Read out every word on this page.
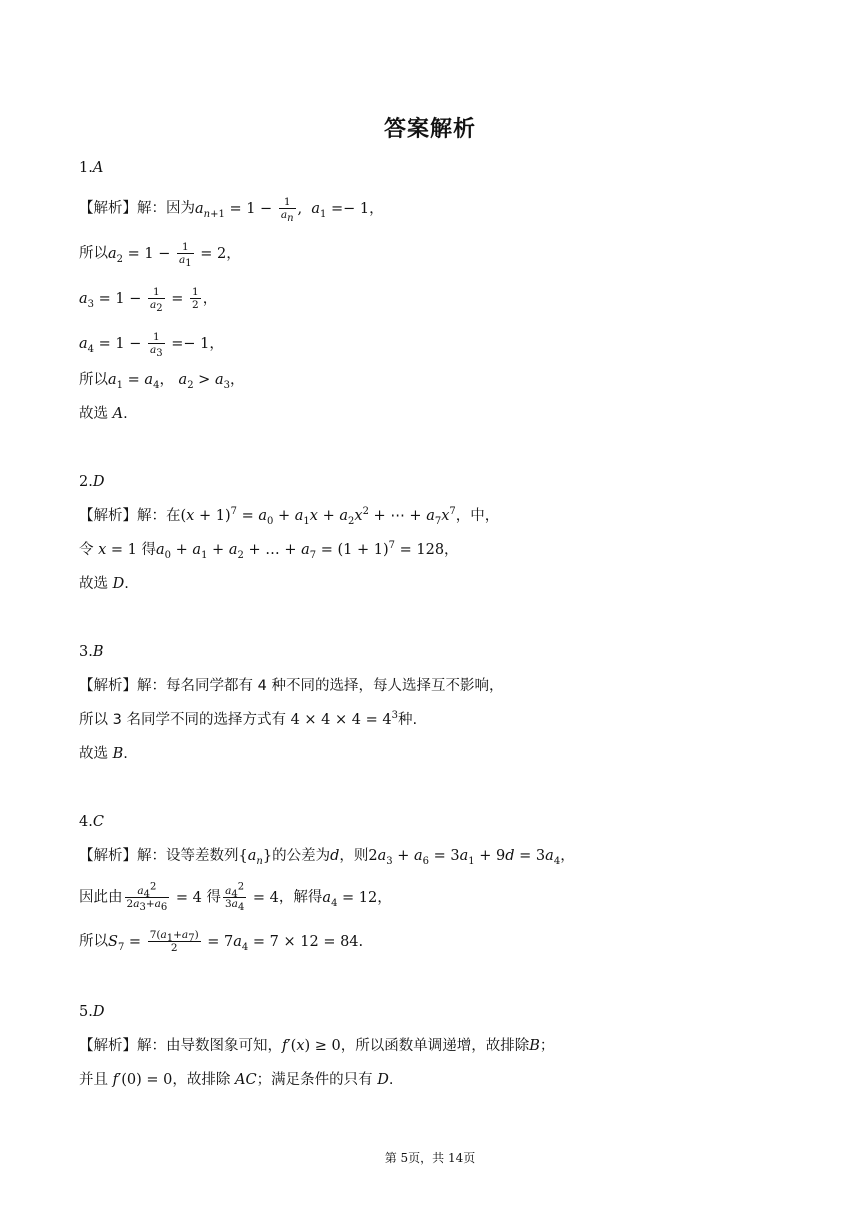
答案解析
1.A
【解析】解：因为$a_{n+1} = 1 - \frac{1}{a_n}$ ,  $a_1 =- 1$，
所以$a_2 = 1 - \frac{1}{a_1} = 2$，
$a_3 = 1 - \frac{1}{a_2} = \frac{1}{2}$ ，
$a_4 = 1 - \frac{1}{a_3} =- 1$，
所以$a_1 = a_4$， $a_2 > a_3$，
故选 A.
2.D
【解析】解：在$(x + 1)^7 = a_0 + a_1x + a_2x^2$ + ⋯ + $a_7x^7$，中，
令 x = 1 得$a_0 + a_1 + a_2$ + … + $a_7 = (1 + 1)^7 = 128$，
故选 D.
3.B
【解析】解：每名同学都有 4 种不同的选择，每人选择互不影响，
所以 3 名同学不同的选择方式有 $4 \times 4 \times 4 = 4^3$种.
故选 B.
4.C
【解析】解：设等差数列$\{a_n\}$的公差为d，则$2a_3 + a_6 = 3a_1 + 9d = 3a_4$，
因此由 $\frac{a_4^2}{2a_3+a_6} = 4$ 得 $\frac{a_4^2}{3a_4} = 4$，解得$a_4 = 12$，
所以$S_7 = \frac{7(a_1+a_7)}{2} = 7a_4 = 7 \times 12 = 84$.
5.D
【解析】解：由导数图象可知，f′(x) ≥ 0，所以函数单调递增，故排除B；
并且 f′(0) = 0，故排除 AC；满足条件的只有 D.
第 5页，共 14页
